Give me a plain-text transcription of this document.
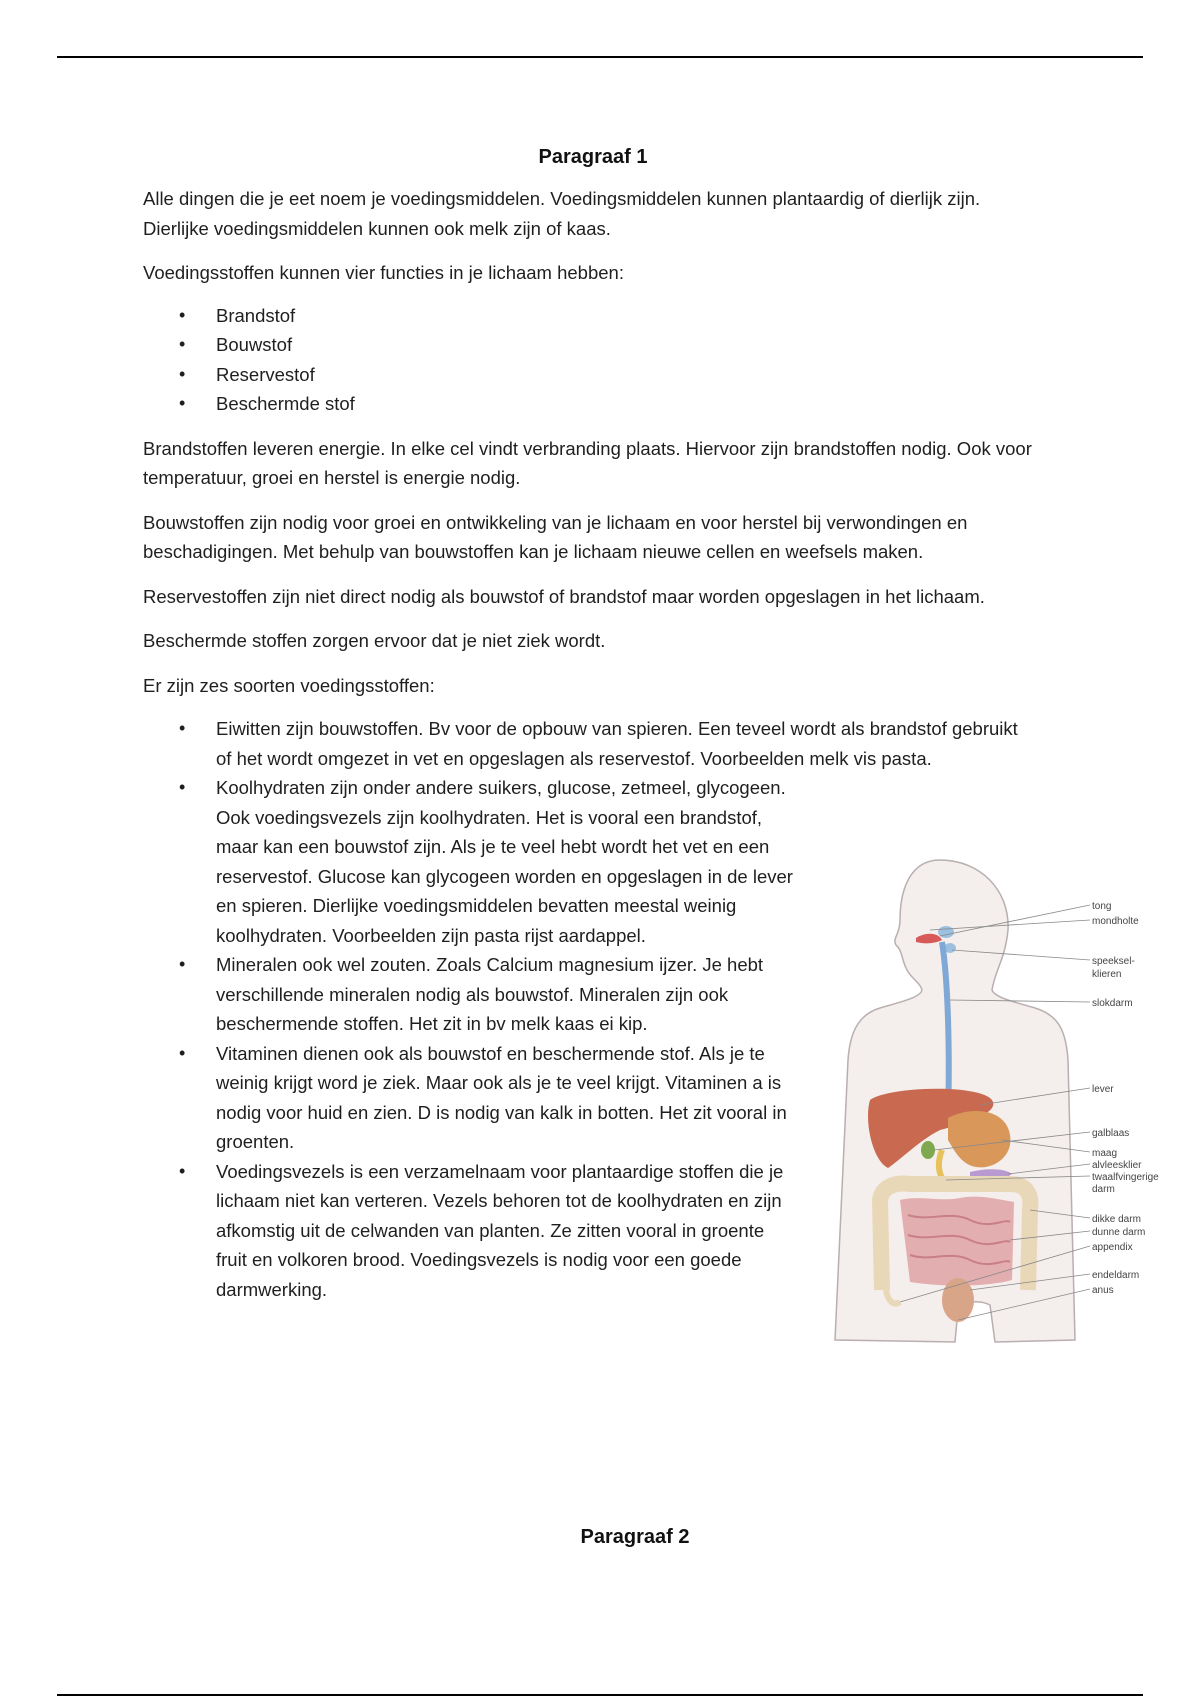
Paragraaf 1

Alle dingen die je eet noem je voedingsmiddelen. Voedingsmiddelen kunnen plantaardig of dierlijk zijn. Dierlijke voedingsmiddelen kunnen ook melk zijn of kaas.

Voedingsstoffen kunnen vier functies in je lichaam hebben:

• Brandstof
• Bouwstof
• Reservestof
• Beschermde stof

Brandstoffen leveren energie. In elke cel vindt verbranding plaats. Hiervoor zijn brandstoffen nodig. Ook voor temperatuur, groei en herstel is energie nodig.

Bouwstoffen zijn nodig voor groei en ontwikkeling van je lichaam en voor herstel bij verwondingen en beschadigingen. Met behulp van bouwstoffen kan je lichaam nieuwe cellen en weefsels maken.

Reservestoffen zijn niet direct nodig als bouwstof of brandstof maar worden opgeslagen in het lichaam.

Beschermde stoffen zorgen ervoor dat je niet ziek wordt.

Er zijn zes soorten voedingsstoffen:

• Eiwitten zijn bouwstoffen. Bv voor de opbouw van spieren. Een teveel wordt als brandstof gebruikt of het wordt omgezet in vet en opgeslagen als reservestof. Voorbeelden melk vis pasta.
• Koolhydraten zijn onder andere suikers, glucose, zetmeel, glycogeen. Ook voedingsvezels zijn koolhydraten. Het is vooral een brandstof, maar kan een bouwstof zijn. Als je te veel hebt wordt het vet en een reservestof. Glucose kan glycogeen worden en opgeslagen in de lever en spieren. Dierlijke voedingsmiddelen bevatten meestal weinig koolhydraten. Voorbeelden zijn pasta rijst aardappel.
• Mineralen ook wel zouten. Zoals Calcium magnesium ijzer. Je hebt verschillende mineralen nodig als bouwstof. Mineralen zijn ook beschermende stoffen. Het zit in bv melk kaas ei kip.
• Vitaminen dienen ook als bouwstof en beschermende stof. Als je te weinig krijgt word je ziek. Maar ook als je te veel krijgt. Vitaminen a is nodig voor huid en zien. D is nodig van kalk in botten. Het zit vooral in groenten.
• Voedingsvezels is een verzamelnaam voor plantaardige stoffen die je lichaam niet kan verteren. Vezels behoren tot de koolhydraten en zijn afkomstig uit de celwanden van planten. Ze zitten vooral in groente fruit en volkoren brood. Voedingsvezels is nodig voor een goede darmwerking.
tong
mondholte
speeksel-
klieren
slokdarm
lever
galblaas
maag
alvleesklier
twaalfvingerige
darm
dikke darm
dunne darm
appendix
endeldarm
anus
Paragraaf 2
